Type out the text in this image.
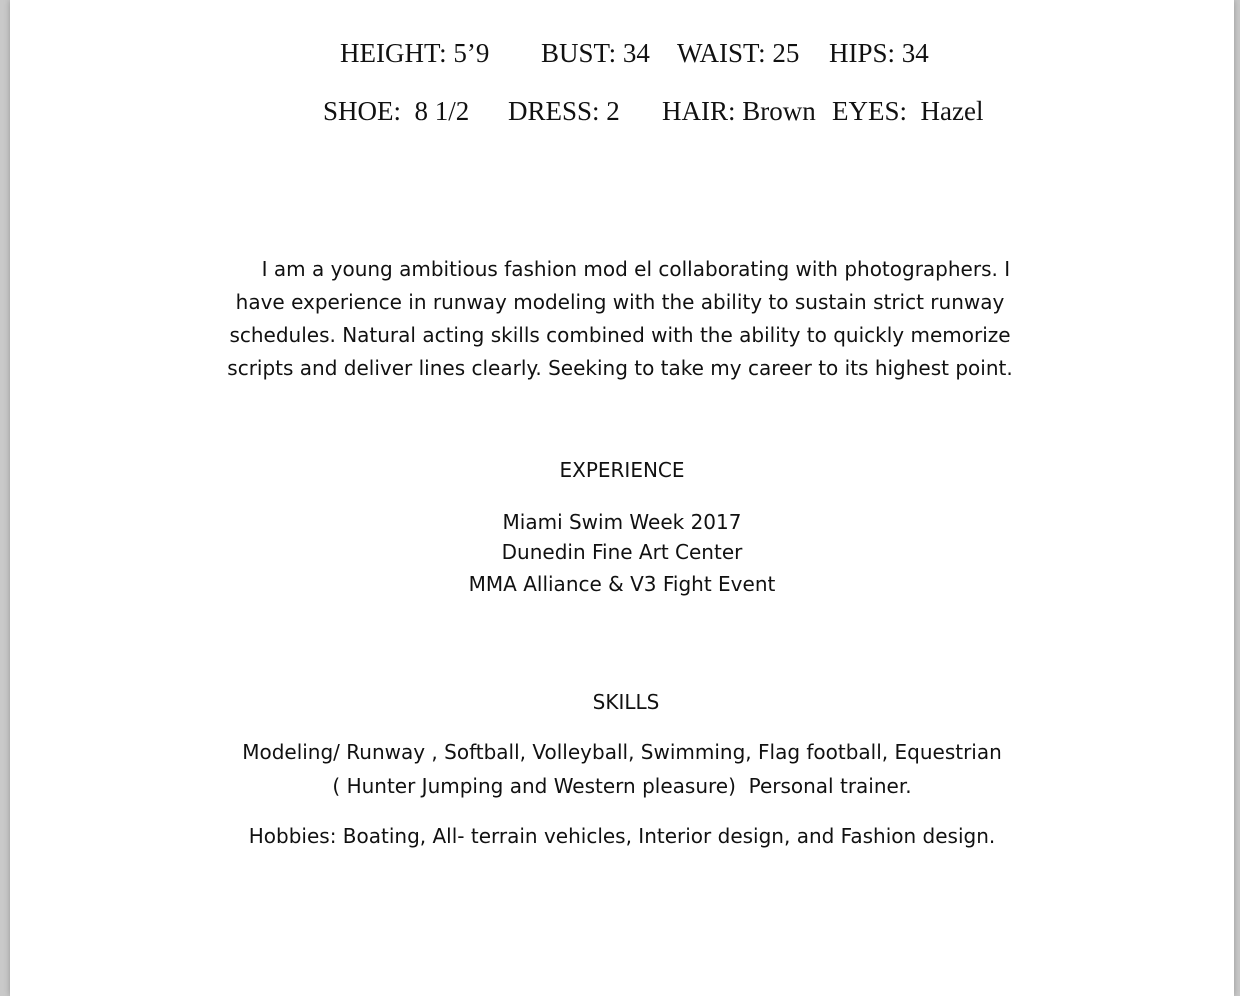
HEIGHT: 5’9 BUST: 34 WAIST: 25 HIPS: 34
SHOE:  8 1/2 DRESS: 2 HAIR: Brown EYES:  Hazel
I am a young ambitious fashion mod el collaborating with photographers. I
have experience in runway modeling with the ability to sustain strict runway
schedules. Natural acting skills combined with the ability to quickly memorize
scripts and deliver lines clearly. Seeking to take my career to its highest point.
EXPERIENCE
Miami Swim Week 2017
Dunedin Fine Art Center
MMA Alliance & V3 Fight Event
SKILLS
Modeling/ Runway , Softball, Volleyball, Swimming, Flag football, Equestrian
( Hunter Jumping and Western pleasure)  Personal trainer.
Hobbies: Boating, All- terrain vehicles, Interior design, and Fashion design.
